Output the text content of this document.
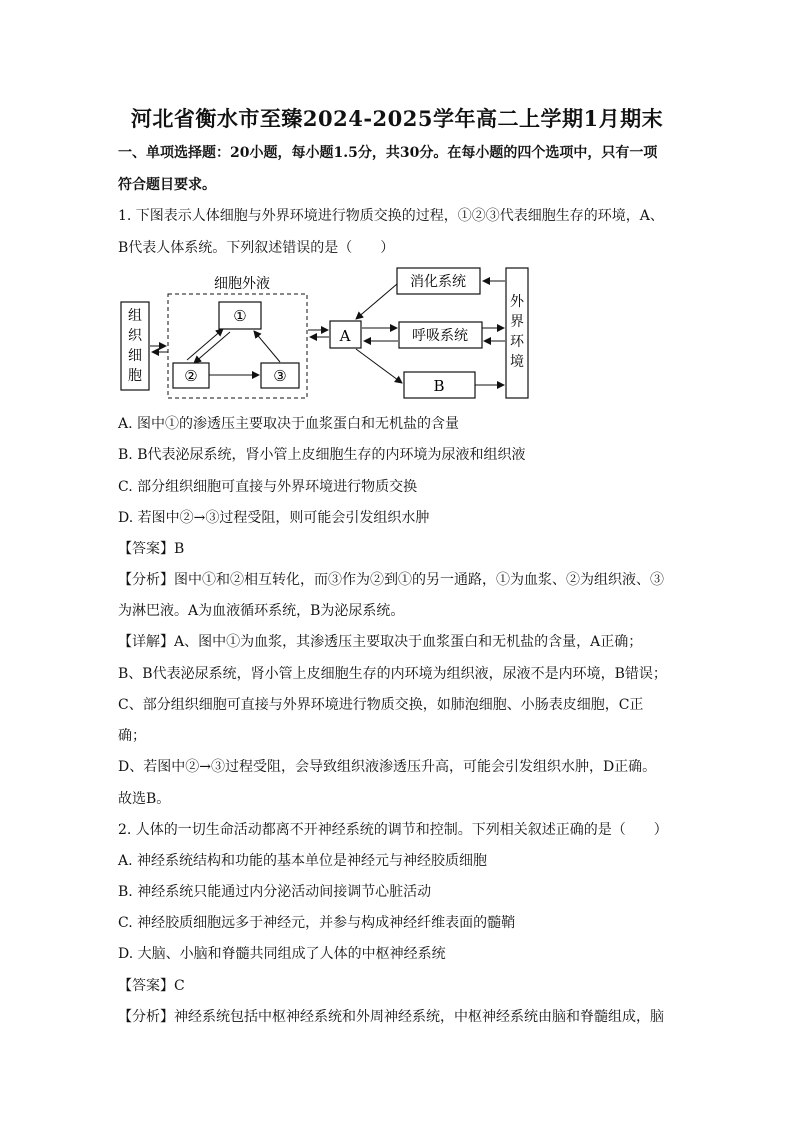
河北省衡水市至臻2024-2025学年高二上学期1月期末
一、单项选择题：20小题，每小题1.5分，共30分。在每小题的四个选项中，只有一项
符合题目要求。
1. 下图表示人体细胞与外界环境进行物质交换的过程，①②③代表细胞生存的环境，A、
B代表人体系统。下列叙述错误的是（　　）
组
织
细
胞
细胞外液
①
②	③
A
消化系统
呼吸系统
B
外
界
环
境
A. 图中①的渗透压主要取决于血浆蛋白和无机盐的含量
B. B代表泌尿系统，肾小管上皮细胞生存的内环境为尿液和组织液
C. 部分组织细胞可直接与外界环境进行物质交换
D. 若图中②→③过程受阻，则可能会引发组织水肿
【答案】B
【分析】图中①和②相互转化，而③作为②到①的另一通路，①为血浆、②为组织液、③
为淋巴液。A为血液循环系统，B为泌尿系统。
【详解】A、图中①为血浆，其渗透压主要取决于血浆蛋白和无机盐的含量，A正确；
B、B代表泌尿系统，肾小管上皮细胞生存的内环境为组织液，尿液不是内环境，B错误；
C、部分组织细胞可直接与外界环境进行物质交换，如肺泡细胞、小肠表皮细胞，C正
确；
D、若图中②→③过程受阻，会导致组织液渗透压升高，可能会引发组织水肿，D正确。
故选B。
2. 人体的一切生命活动都离不开神经系统的调节和控制。下列相关叙述正确的是（　　）
A. 神经系统结构和功能的基本单位是神经元与神经胶质细胞
B. 神经系统只能通过内分泌活动间接调节心脏活动
C. 神经胶质细胞远多于神经元，并参与构成神经纤维表面的髓鞘
D. 大脑、小脑和脊髓共同组成了人体的中枢神经系统
【答案】C
【分析】神经系统包括中枢神经系统和外周神经系统，中枢神经系统由脑和脊髓组成，脑
